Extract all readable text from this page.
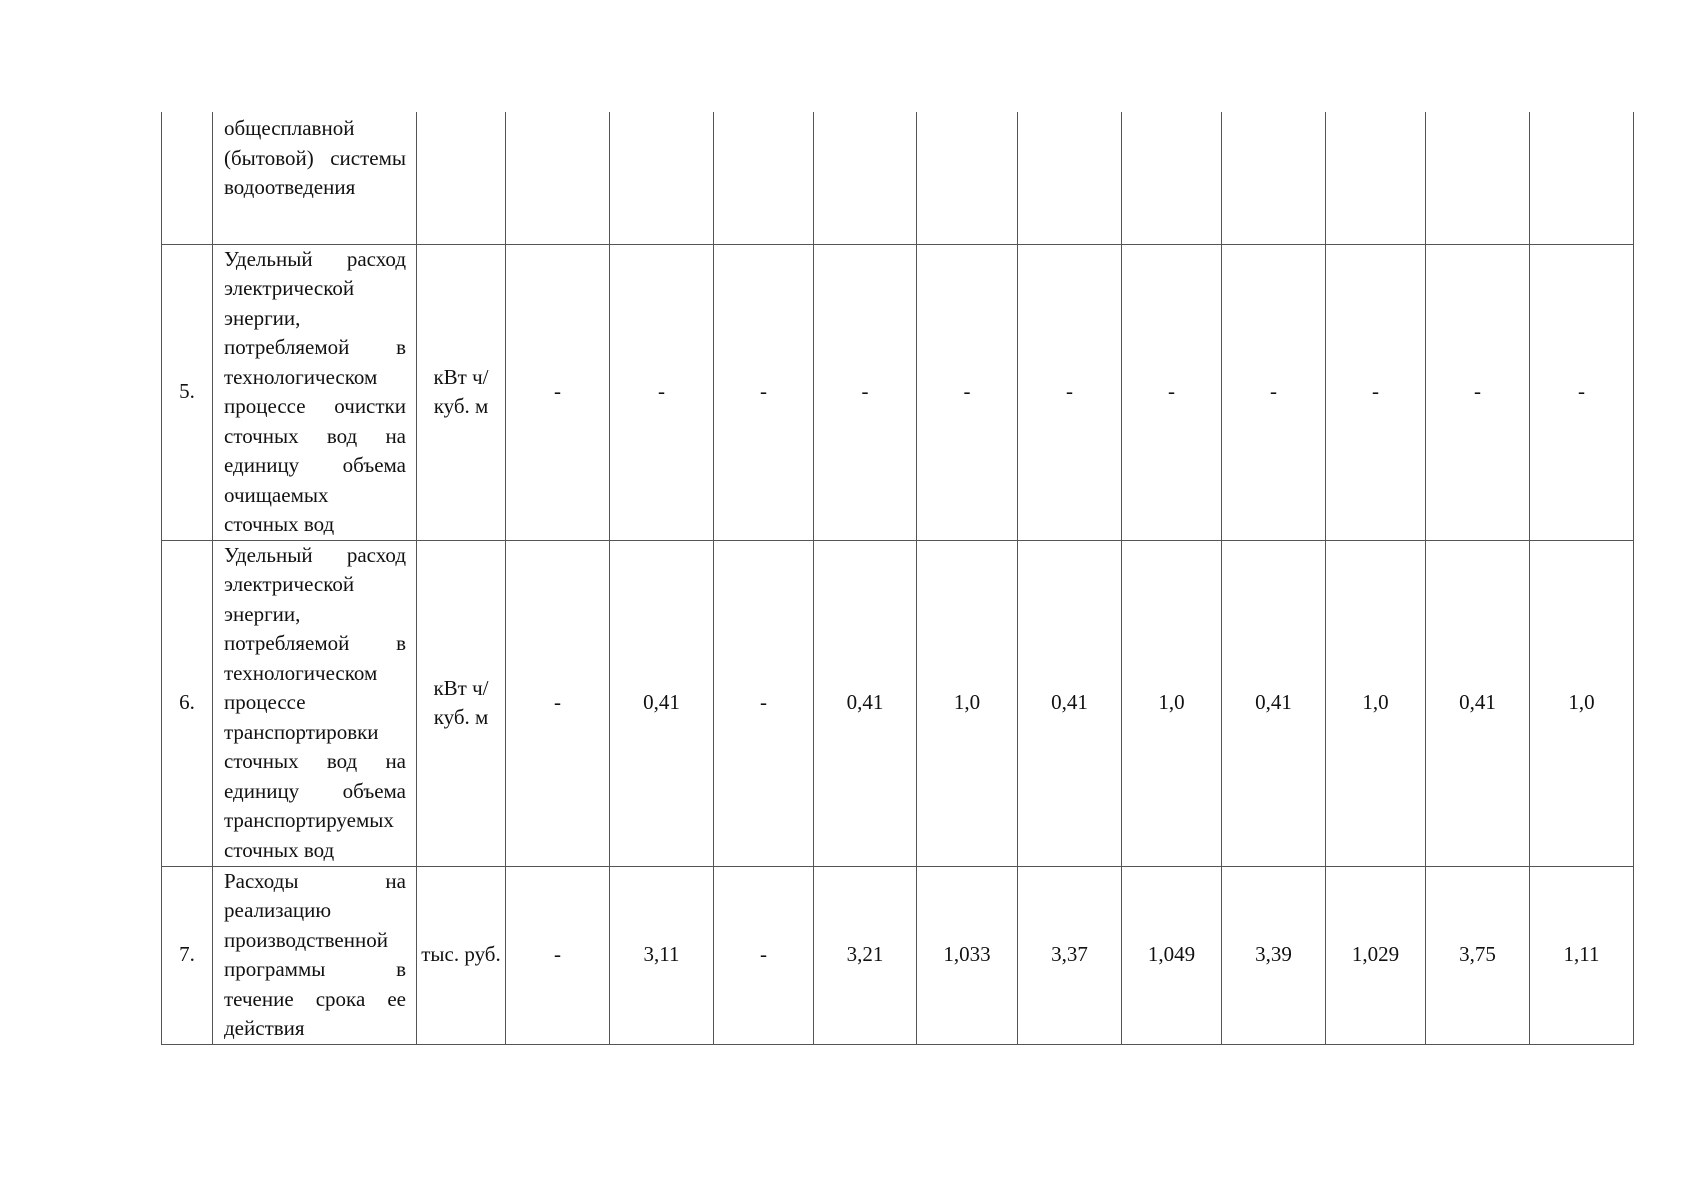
	общесплавной (бытовой) системы водоотведения												

5.	Удельный расход электрической энергии, потребляемой в технологическом процессе очистки сточных вод на единицу объема очищаемых сточных вод	кВт ч/куб. м	-	-	-	-	-	-	-	-	-	-	-
6.	Удельный расход электрической энергии, потребляемой в технологическом процессе транспортировки сточных вод на единицу объема транспортируемых сточных вод	кВт ч/куб. м	-	0,41	-	0,41	1,0	0,41	1,0	0,41	1,0	0,41	1,0
7.	Расходы на реализацию производственной программы в течение срока ее действия	тыс. руб.	-	3,11	-	3,21	1,033	3,37	1,049	3,39	1,029	3,75	1,11
